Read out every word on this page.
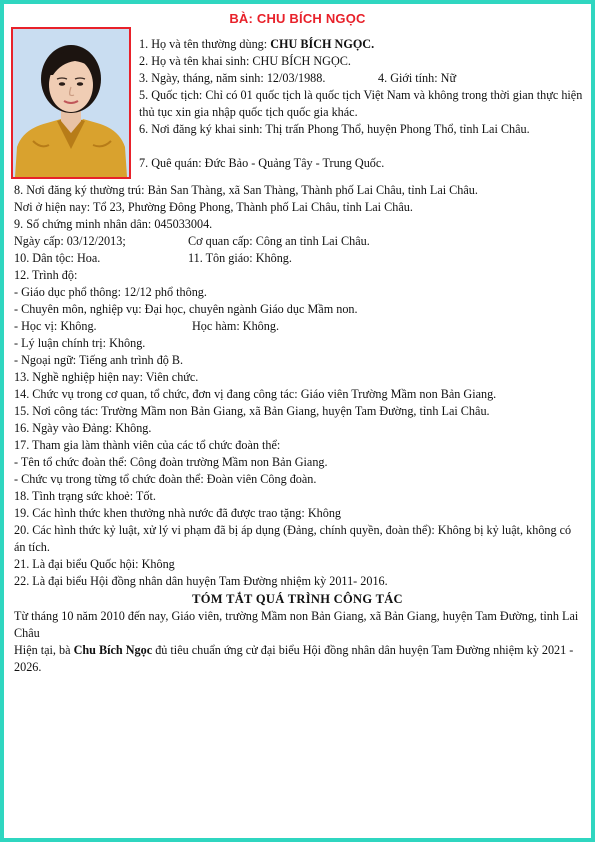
BÀ: CHU BÍCH NGỌC
1. Họ và tên thường dùng: CHU BÍCH NGỌC.
2. Họ và tên khai sinh: CHU BÍCH NGỌC.
3. Ngày, tháng, năm sinh: 12/03/1988.	4. Giới tính: Nữ
5. Quốc tịch: Chỉ có 01 quốc tịch là quốc tịch Việt Nam và không trong thời gian thực hiện thủ tục xin gia nhập quốc tịch quốc gia khác.
6. Nơi đăng ký khai sinh: Thị trấn Phong Thổ, huyện Phong Thổ, tỉnh Lai Châu.
7. Quê quán: Đức Bảo - Quảng Tây - Trung Quốc.
8. Nơi đăng ký thường trú: Bản San Thàng, xã San Thàng, Thành phố Lai Châu, tỉnh Lai Châu.
Nơi ở hiện nay: Tổ 23, Phường Đông Phong, Thành phố Lai Châu, tỉnh Lai Châu.
9. Số chứng minh nhân dân: 045033004.
Ngày cấp: 03/12/2013;	Cơ quan cấp: Công an tỉnh Lai Châu.
10. Dân tộc: Hoa.	11. Tôn giáo: Không.
12. Trình độ:
- Giáo dục phổ thông: 12/12 phổ thông.
- Chuyên môn, nghiệp vụ: Đại học, chuyên ngành Giáo dục Mầm non.
- Học vị: Không.	Học hàm: Không.
- Lý luận chính trị: Không.
- Ngoại ngữ: Tiếng anh trình độ B.
13. Nghề nghiệp hiện nay: Viên chức.
14. Chức vụ trong cơ quan, tổ chức, đơn vị đang công tác: Giáo viên Trường Mầm non Bản Giang.
15. Nơi công tác: Trường Mầm non Bản Giang, xã Bản Giang, huyện Tam Đường, tỉnh Lai Châu.
16. Ngày vào Đảng: Không.
17. Tham gia làm thành viên của các tổ chức đoàn thể:
- Tên tổ chức đoàn thể: Công đoàn trường Mầm non Bản Giang.
- Chức vụ trong từng tổ chức đoàn thể: Đoàn viên Công đoàn.
18. Tình trạng sức khoẻ: Tốt.
19. Các hình thức khen thưởng nhà nước đã được trao tặng: Không
20. Các hình thức kỷ luật, xử lý vi phạm đã bị áp dụng (Đảng, chính quyền, đoàn thể): Không bị kỷ luật, không có án tích.
21. Là đại biểu Quốc hội: Không
22. Là đại biểu Hội đồng nhân dân huyện Tam Đường nhiệm kỳ 2011- 2016.
TÓM TẮT QUÁ TRÌNH CÔNG TÁC
Từ tháng 10 năm 2010 đến nay, Giáo viên, trường Mầm non Bản Giang, xã Bản Giang, huyện Tam Đường, tỉnh Lai Châu
Hiện tại, bà Chu Bích Ngọc đủ tiêu chuẩn ứng cử đại biểu Hội đồng nhân dân huyện Tam Đường nhiệm kỳ 2021 - 2026.
